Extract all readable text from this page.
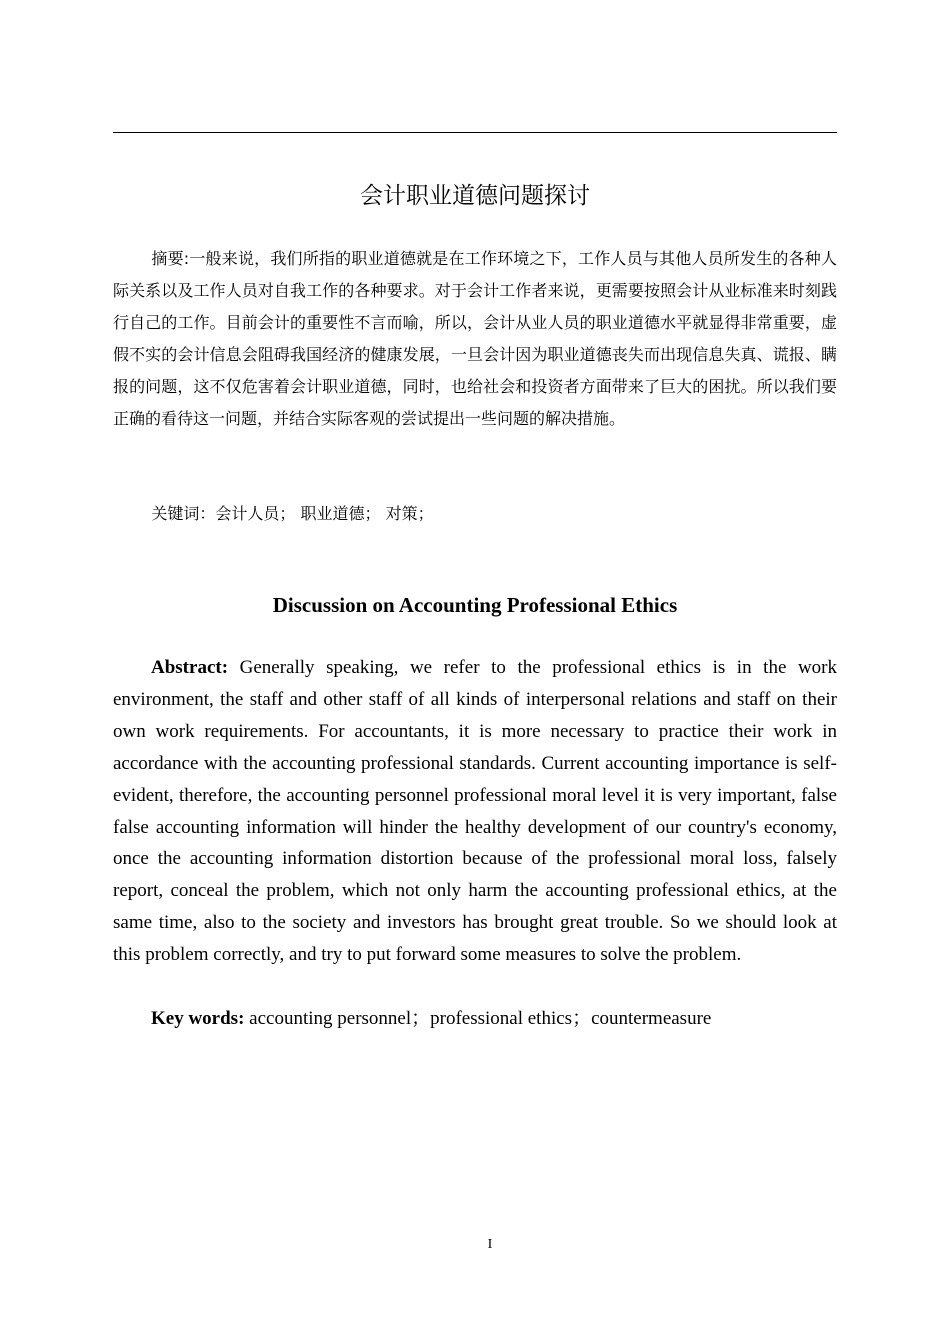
会计职业道德问题探讨

摘要:一般来说，我们所指的职业道德就是在工作环境之下，工作人员与其他人员所发生的各种人际关系以及工作人员对自我工作的各种要求。对于会计工作者来说，更需要按照会计从业标准来时刻践行自己的工作。目前会计的重要性不言而喻，所以，会计从业人员的职业道德水平就显得非常重要，虚假不实的会计信息会阻碍我国经济的健康发展，一旦会计因为职业道德丧失而出现信息失真、谎报、瞒报的问题，这不仅危害着会计职业道德，同时，也给社会和投资者方面带来了巨大的困扰。所以我们要正确的看待这一问题，并结合实际客观的尝试提出一些问题的解决措施。

关键词：会计人员； 职业道德； 对策；

Discussion on Accounting Professional Ethics

Abstract: Generally speaking, we refer to the professional ethics is in the work environment, the staff and other staff of all kinds of interpersonal relations and staff on their own work requirements. For accountants, it is more necessary to practice their work in accordance with the accounting professional standards. Current accounting importance is self-evident, therefore, the accounting personnel professional moral level it is very important, false false accounting information will hinder the healthy development of our country's economy, once the accounting information distortion because of the professional moral loss, falsely report, conceal the problem, which not only harm the accounting professional ethics, at the same time, also to the society and investors has brought great trouble. So we should look at this problem correctly, and try to put forward some measures to solve the problem.

Key words: accounting personnel；professional ethics；countermeasure

I
